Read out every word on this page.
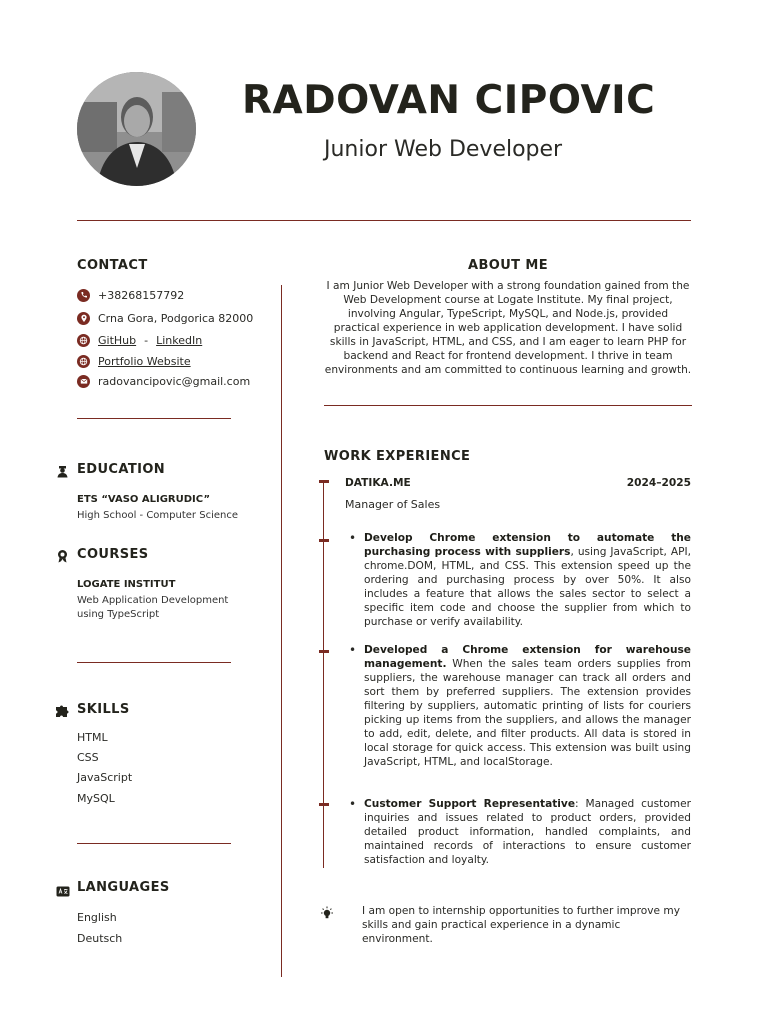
RADOVAN CIPOVIC
Junior Web Developer
CONTACT
+38268157792
Crna Gora, Podgorica 82000
GitHub - LinkedIn
Portfolio Website
radovancipovic@gmail.com
EDUCATION
ETS “VASO ALIGRUDIC”
High School - Computer Science
COURSES
LOGATE INSTITUT
Web Application Development using TypeScript
SKILLS
HTML
CSS
JavaScript
MySQL
LANGUAGES
English
Deutsch
ABOUT ME
I am Junior Web Developer with a strong foundation gained from the Web Development course at Logate Institute. My final project, involving Angular, TypeScript, MySQL, and Node.js, provided practical experience in web application development. I have solid skills in JavaScript, HTML, and CSS, and I am eager to learn PHP for backend and React for frontend development. I thrive in team environments and am committed to continuous learning and growth.
WORK EXPERIENCE
DATIKA.ME	2024–2025
Manager of Sales
• Develop Chrome extension to automate the purchasing process with suppliers, using JavaScript, API, chrome.DOM, HTML, and CSS. This extension speed up the ordering and purchasing process by over 50%. It also includes a feature that allows the sales sector to select a specific item code and choose the supplier from which to purchase or verify availability.
• Developed a Chrome extension for warehouse management. When the sales team orders supplies from suppliers, the warehouse manager can track all orders and sort them by preferred suppliers. The extension provides filtering by suppliers, automatic printing of lists for couriers picking up items from the suppliers, and allows the manager to add, edit, delete, and filter products. All data is stored in local storage for quick access. This extension was built using JavaScript, HTML, and localStorage.
• Customer Support Representative: Managed customer inquiries and issues related to product orders, provided detailed product information, handled complaints, and maintained records of interactions to ensure customer satisfaction and loyalty.
I am open to internship opportunities to further improve my skills and gain practical experience in a dynamic environment.
